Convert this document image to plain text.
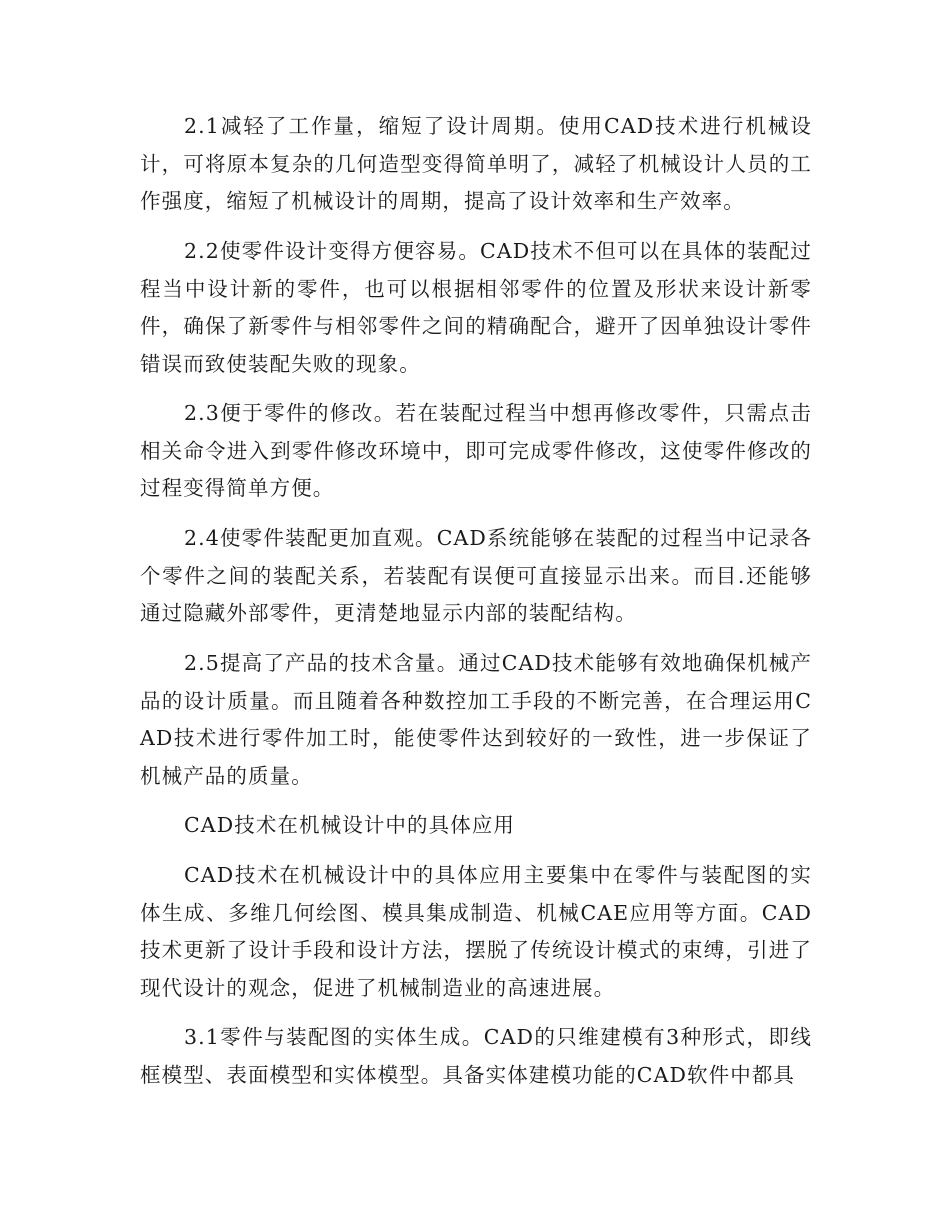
2.1减轻了工作量，缩短了设计周期。使用CAD技术进行机械设计，可将原本复杂的几何造型变得简单明了，减轻了机械设计人员的工作强度，缩短了机械设计的周期，提高了设计效率和生产效率。

2.2使零件设计变得方便容易。CAD技术不但可以在具体的装配过程当中设计新的零件，也可以根据相邻零件的位置及形状来设计新零件，确保了新零件与相邻零件之间的精确配合，避开了因单独设计零件错误而致使装配失败的现象。

2.3便于零件的修改。若在装配过程当中想再修改零件，只需点击相关命令进入到零件修改环境中，即可完成零件修改，这使零件修改的过程变得简单方便。

2.4使零件装配更加直观。CAD系统能够在装配的过程当中记录各个零件之间的装配关系，若装配有误便可直接显示出来。而目.还能够通过隐藏外部零件，更清楚地显示内部的装配结构。

2.5提高了产品的技术含量。通过CAD技术能够有效地确保机械产品的设计质量。而且随着各种数控加工手段的不断完善，在合理运用CAD技术进行零件加工时，能使零件达到较好的一致性，进一步保证了机械产品的质量。

CAD技术在机械设计中的具体应用

CAD技术在机械设计中的具体应用主要集中在零件与装配图的实体生成、多维几何绘图、模具集成制造、机械CAE应用等方面。CAD技术更新了设计手段和设计方法，摆脱了传统设计模式的束缚，引进了现代设计的观念，促进了机械制造业的高速进展。

3.1零件与装配图的实体生成。CAD的只维建模有3种形式，即线框模型、表面模型和实体模型。具备实体建模功能的CAD软件中都具
